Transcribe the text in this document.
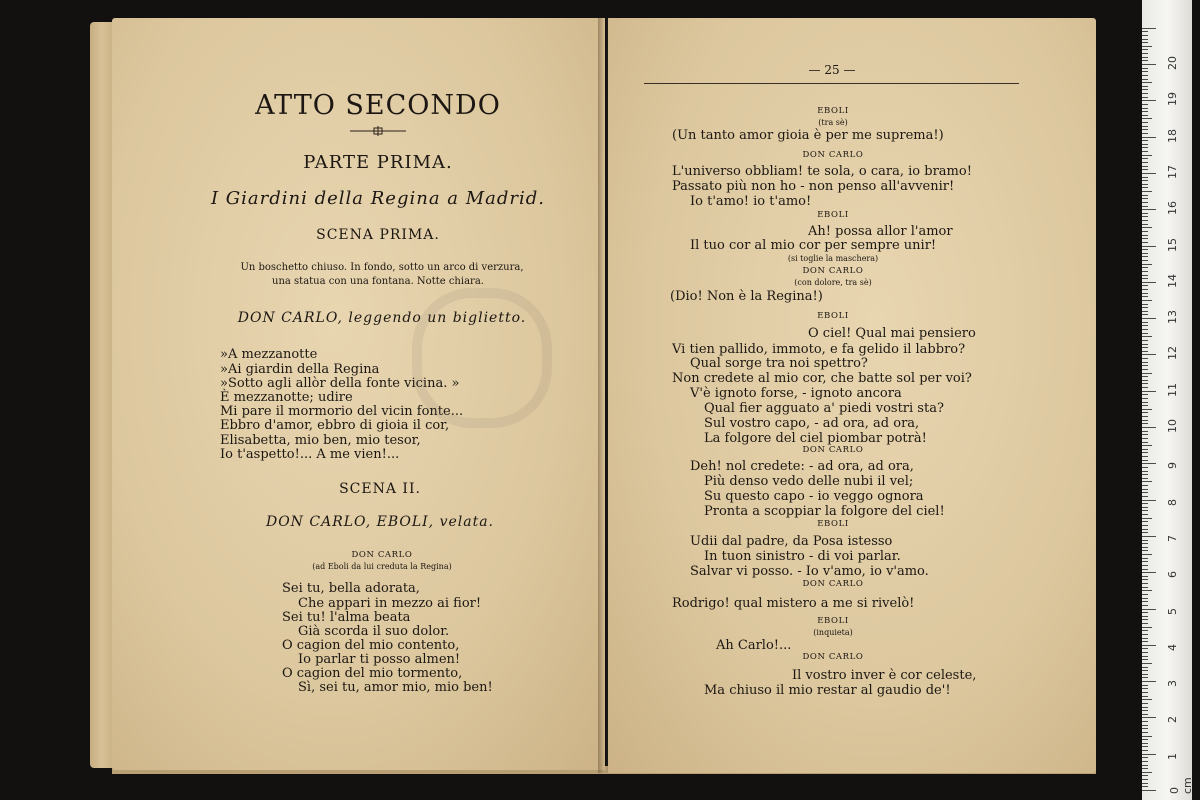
ATTO SECONDO
PARTE PRIMA.
I Giardini della Regina a Madrid.
SCENA PRIMA.
Un boschetto chiuso. In fondo, sotto un arco di verzura,
una statua con una fontana. Notte chiara.
DON CARLO, leggendo un biglietto.
»A mezzanotte
»Ai giardin della Regina
»Sotto agli allòr della fonte vicina. »
È mezzanotte; udire
Mi pare il mormorio del vicin fonte...
Ebbro d'amor, ebbro di gioia il cor,
Elisabetta, mio ben, mio tesor,
Io t'aspetto!... A me vien!...
SCENA II.
DON CARLO, EBOLI, velata.
DON CARLO
(ad Eboli da lui creduta la Regina)
Sei tu, bella adorata,
Che appari in mezzo ai fior!
Sei tu! l'alma beata
Già scorda il suo dolor.
O cagion del mio contento,
Io parlar ti posso almen!
O cagion del mio tormento,
Sì, sei tu, amor mio, mio ben!
— 25 —
EBOLI
(tra sè)
(Un tanto amor gioia è per me suprema!)
DON CARLO
L'universo obbliam! te sola, o cara, io bramo!
Passato più non ho - non penso all'avvenir!
Io t'amo! io t'amo!
EBOLI
Ah! possa allor l'amor
Il tuo cor al mio cor per sempre unir!
(si toglie la maschera)
DON CARLO
(con dolore, tra sè)
(Dio! Non è la Regina!)
EBOLI
O ciel! Qual mai pensiero
Vi tien pallido, immoto, e fa gelido il labbro?
Qual sorge tra noi spettro?
Non credete al mio cor, che batte sol per voi?
V'è ignoto forse, - ignoto ancora
Qual fier agguato a' piedi vostri sta?
Sul vostro capo, - ad ora, ad ora,
La folgore del ciel piombar potrà!
DON CARLO
Deh! nol credete: - ad ora, ad ora,
Più denso vedo delle nubi il vel;
Su questo capo - io veggo ognora
Pronta a scoppiar la folgore del ciel!
EBOLI
Udii dal padre, da Posa istesso
In tuon sinistro - di voi parlar.
Salvar vi posso. - Io v'amo, io v'amo.
DON CARLO
Rodrigo! qual mistero a me si rivelò!
EBOLI
(inquieta)
Ah Carlo!...
DON CARLO
Il vostro inver è cor celeste,
Ma chiuso il mio restar al gaudio de'!
0 cm
1
2
3
4
5
6
7
8
9
10
11
12
13
14
15
16
17
18
19
20
